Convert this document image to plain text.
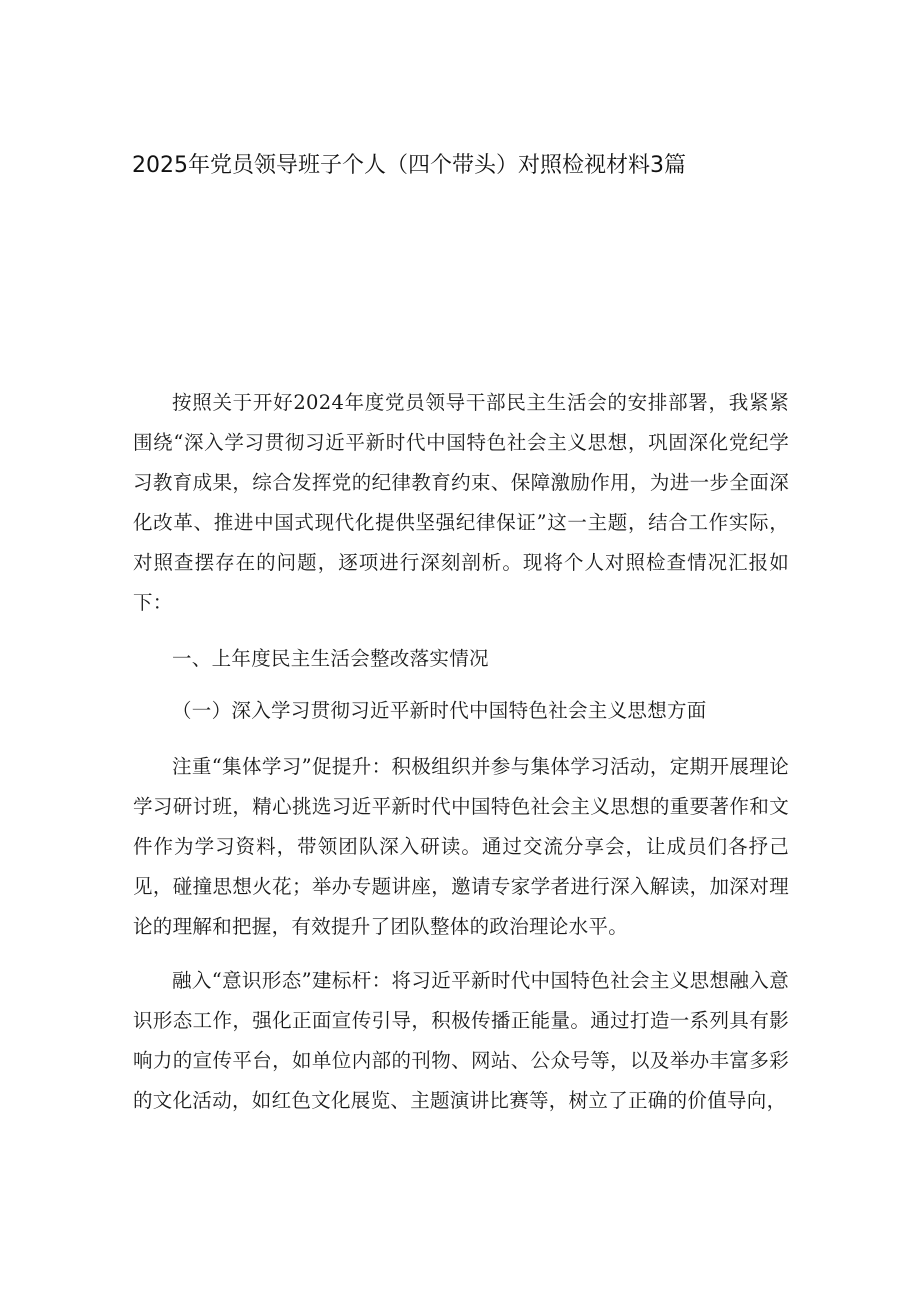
2025年党员领导班子个人（四个带头）对照检视材料3篇

按照关于开好2024年度党员领导干部民主生活会的安排部署，我紧紧围绕“深入学习贯彻习近平新时代中国特色社会主义思想，巩固深化党纪学习教育成果，综合发挥党的纪律教育约束、保障激励作用，为进一步全面深化改革、推进中国式现代化提供坚强纪律保证”这一主题，结合工作实际，对照查摆存在的问题，逐项进行深刻剖析。现将个人对照检查情况汇报如下：

一、上年度民主生活会整改落实情况

（一）深入学习贯彻习近平新时代中国特色社会主义思想方面

注重“集体学习”促提升：积极组织并参与集体学习活动，定期开展理论学习研讨班，精心挑选习近平新时代中国特色社会主义思想的重要著作和文件作为学习资料，带领团队深入研读。通过交流分享会，让成员们各抒己见，碰撞思想火花；举办专题讲座，邀请专家学者进行深入解读，加深对理论的理解和把握，有效提升了团队整体的政治理论水平。

融入“意识形态”建标杆：将习近平新时代中国特色社会主义思想融入意识形态工作，强化正面宣传引导，积极传播正能量。通过打造一系列具有影响力的宣传平台，如单位内部的刊物、网站、公众号等，以及举办丰富多彩的文化活动，如红色文化展览、主题演讲比赛等，树立了正确的价值导向，
